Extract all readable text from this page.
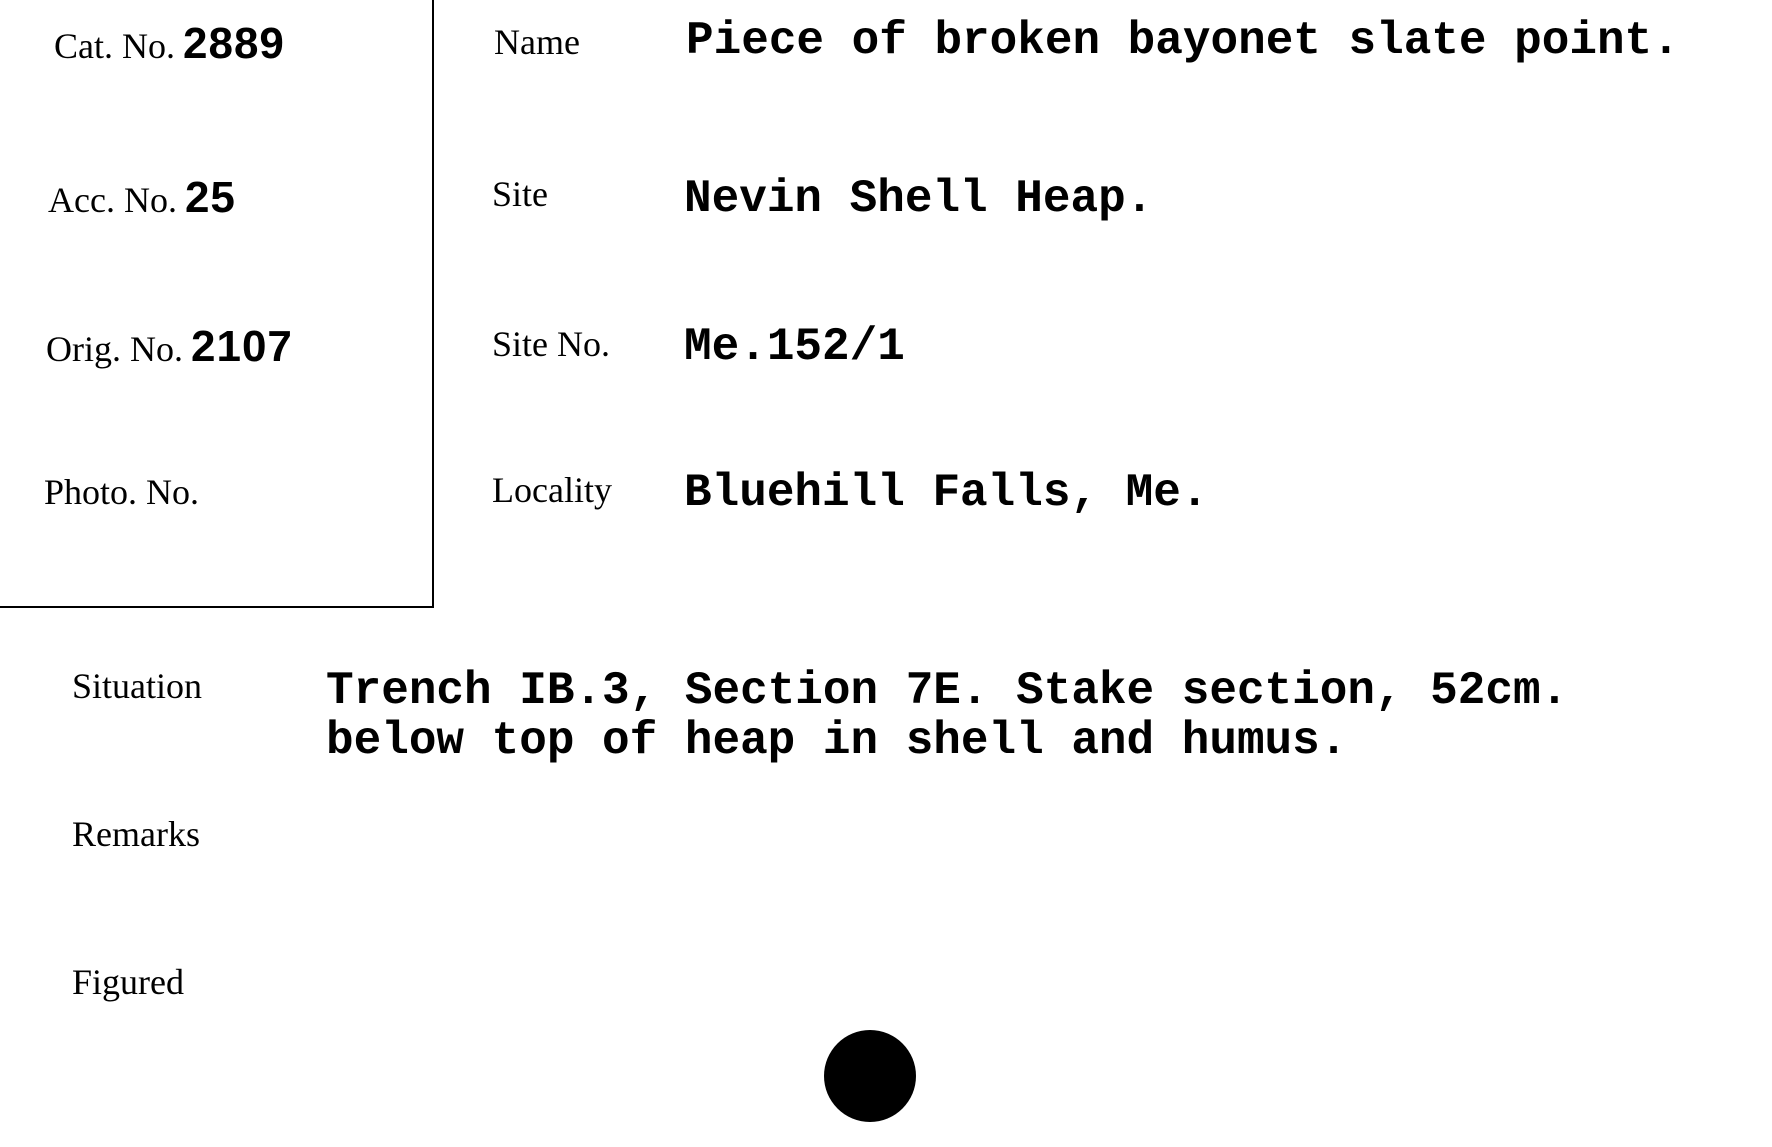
Cat. No. 2889
Acc. No. 25
Orig. No. 2107
Photo. No.
Name Piece of broken bayonet slate point.
Site	Nevin Shell Heap.
Site No. Me.152/1
Locality Bluehill Falls, Me.
Situation	Trench IB.3, Section 7E. Stake section, 52cm.
below top of heap in shell and humus.
Remarks
Figured
